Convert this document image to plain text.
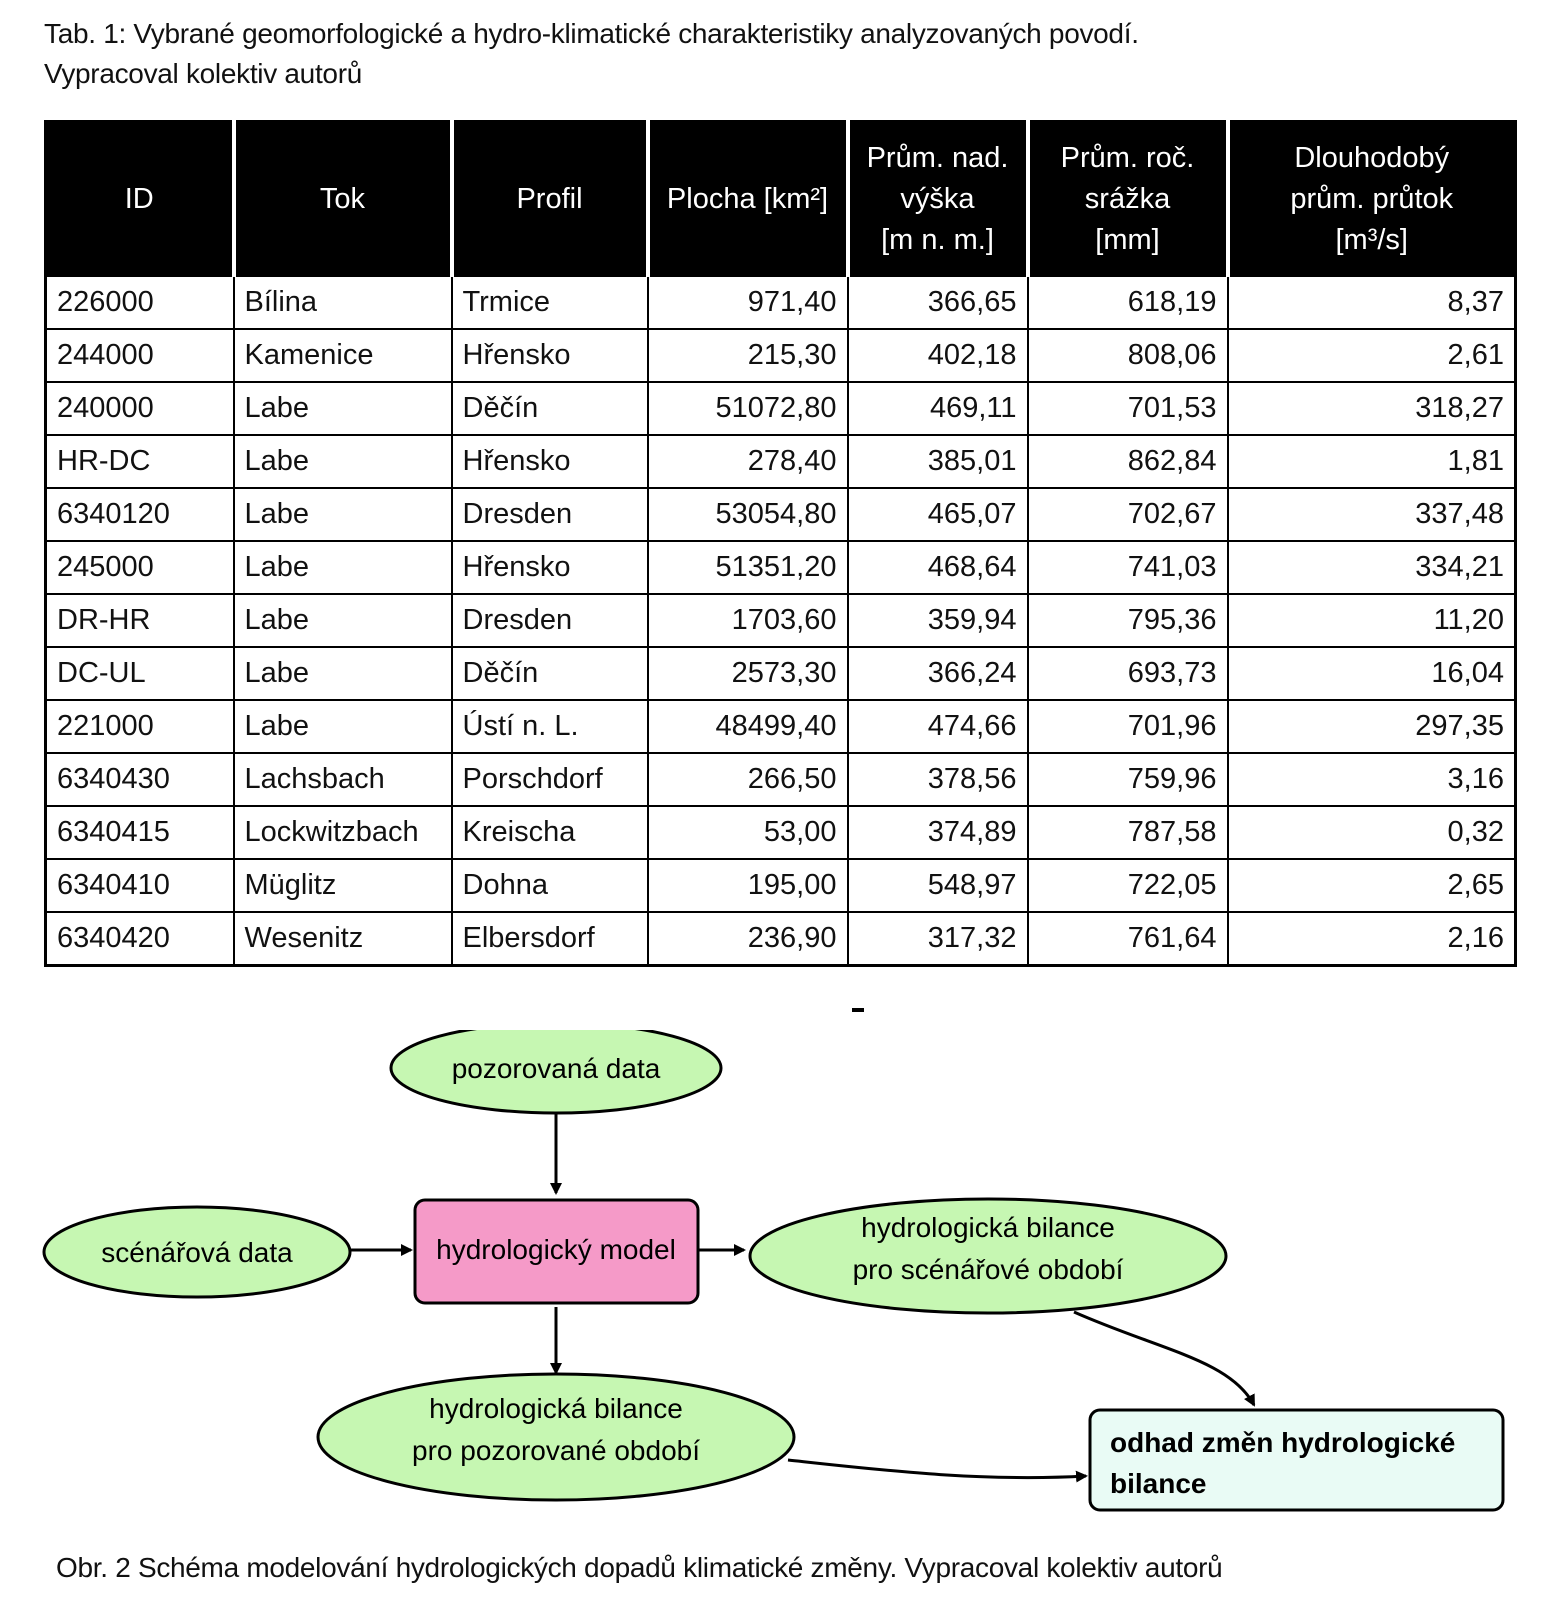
Tab. 1: Vybrané geomorfologické a hydro-klimatické charakteristiky analyzovaných povodí.
Vypracoval kolektiv autorů
ID	Tok	Profil	Plocha [km²]	Prům. nad.
výška
[m n. m.]	Prům. roč.
srážka
[mm]	Dlouhodobý
prům. průtok
[m³/s]
226000	Bílina	Trmice	971,40	366,65	618,19	8,37
244000	Kamenice	Hřensko	215,30	402,18	808,06	2,61
240000	Labe	Děčín	51072,80	469,11	701,53	318,27
HR-DC	Labe	Hřensko	278,40	385,01	862,84	1,81
6340120	Labe	Dresden	53054,80	465,07	702,67	337,48
245000	Labe	Hřensko	51351,20	468,64	741,03	334,21
DR-HR	Labe	Dresden	1703,60	359,94	795,36	11,20
DC-UL	Labe	Děčín	2573,30	366,24	693,73	16,04
221000	Labe	Ústí n. L.	48499,40	474,66	701,96	297,35
6340430	Lachsbach	Porschdorf	266,50	378,56	759,96	3,16
6340415	Lockwitzbach	Kreischa	53,00	374,89	787,58	0,32
6340410	Müglitz	Dohna	195,00	548,97	722,05	2,65
6340420	Wesenitz	Elbersdorf	236,90	317,32	761,64	2,16
pozorovaná data
scénářová data	hydrologický model
hydrologická bilance
pro scénářové období
hydrologická bilance
pro pozorované období	odhad změn hydrologické
bilance
Obr. 2 Schéma modelování hydrologických dopadů klimatické změny. Vypracoval kolektiv autorů
